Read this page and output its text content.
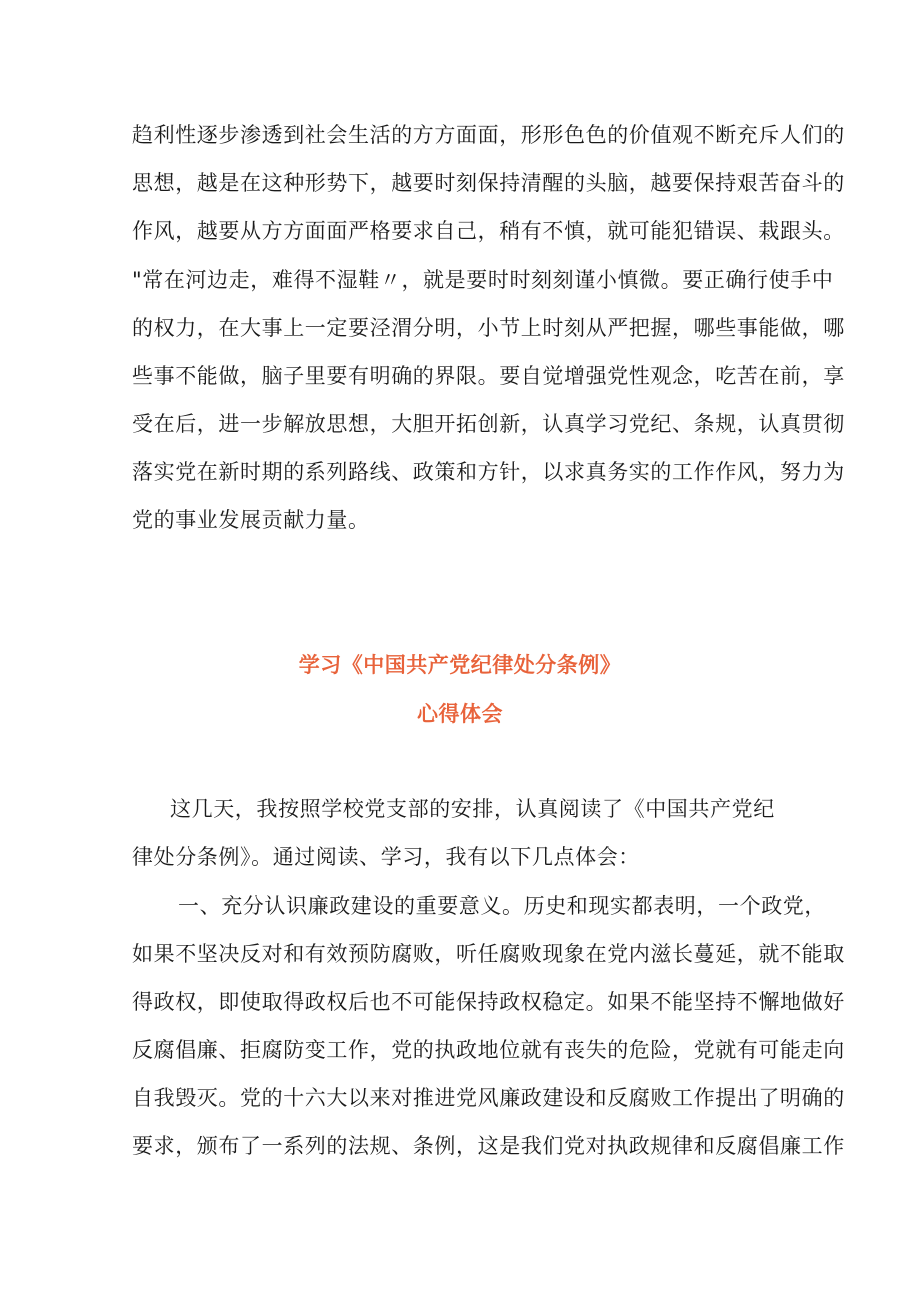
趋利性逐步渗透到社会生活的方方面面，形形色色的价值观不断充斥人们的
思想，越是在这种形势下，越要时刻保持清醒的头脑，越要保持艰苦奋斗的
作风，越要从方方面面严格要求自己，稍有不慎，就可能犯错误、栽跟头。
"常在河边走，难得不湿鞋〃，就是要时时刻刻谨小慎微。要正确行使手中
的权力，在大事上一定要泾渭分明，小节上时刻从严把握，哪些事能做，哪
些事不能做，脑子里要有明确的界限。要自觉增强党性观念，吃苦在前，享
受在后，进一步解放思想，大胆开拓创新，认真学习党纪、条规，认真贯彻
落实党在新时期的系列路线、政策和方针，以求真务实的工作作风，努力为
党的事业发展贡献力量。
学习《中国共产党纪律处分条例》
心得体会
这几天，我按照学校党支部的安排，认真阅读了《中国共产党纪
律处分条例》。通过阅读、学习，我有以下几点体会：
一、充分认识廉政建设的重要意义。历史和现实都表明，一个政党，
如果不坚决反对和有效预防腐败，听任腐败现象在党内滋长蔓延，就不能取
得政权，即使取得政权后也不可能保持政权稳定。如果不能坚持不懈地做好
反腐倡廉、拒腐防变工作，党的执政地位就有丧失的危险，党就有可能走向
自我毁灭。党的十六大以来对推进党风廉政建设和反腐败工作提出了明确的
要求，颁布了一系列的法规、条例，这是我们党对执政规律和反腐倡廉工作
